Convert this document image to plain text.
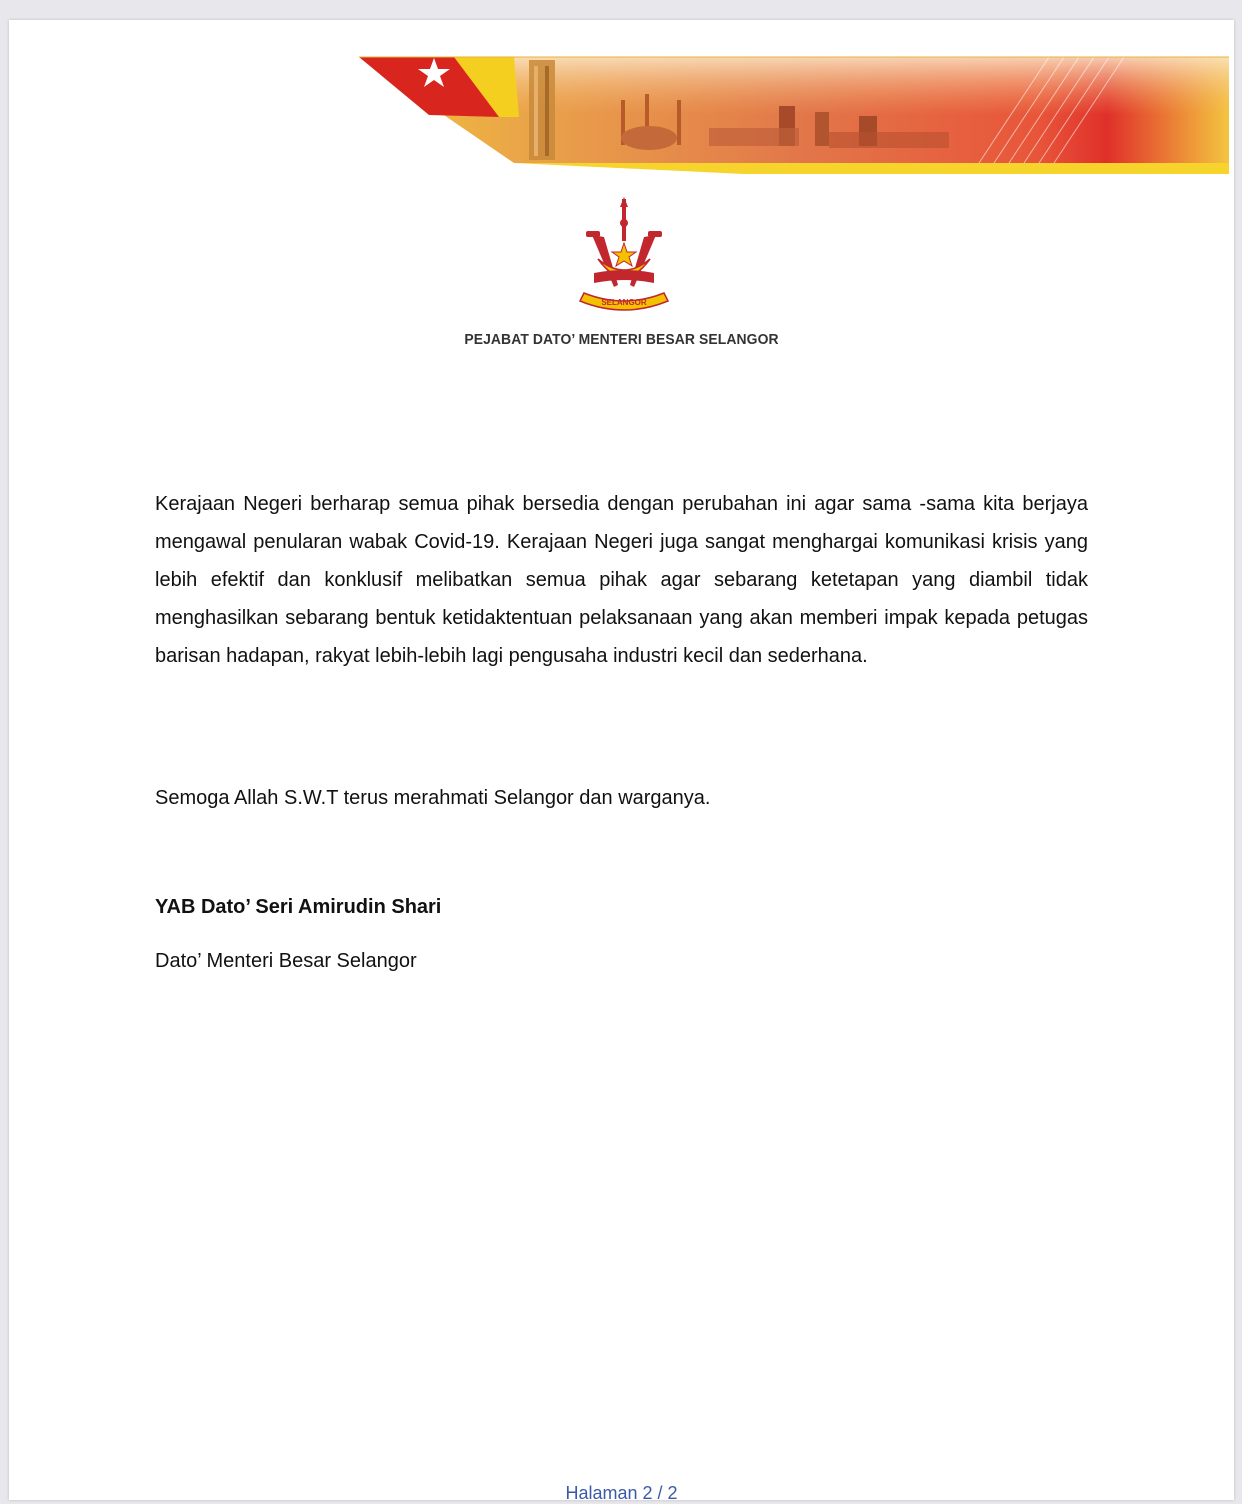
SELANGOR
PEJABAT DATO’ MENTERI BESAR SELANGOR

Kerajaan Negeri berharap semua pihak bersedia dengan perubahan ini agar sama -sama kita berjaya mengawal penularan wabak Covid-19. Kerajaan Negeri juga sangat menghargai komunikasi krisis yang lebih efektif dan konklusif melibatkan semua pihak agar sebarang ketetapan yang diambil tidak menghasilkan sebarang bentuk ketidaktentuan pelaksanaan yang akan memberi impak kepada petugas barisan hadapan, rakyat lebih-lebih lagi pengusaha industri kecil dan sederhana.

Semoga Allah S.W.T terus merahmati Selangor dan warganya.

YAB Dato’ Seri Amirudin Shari

Dato’ Menteri Besar Selangor

Halaman 2 / 2
